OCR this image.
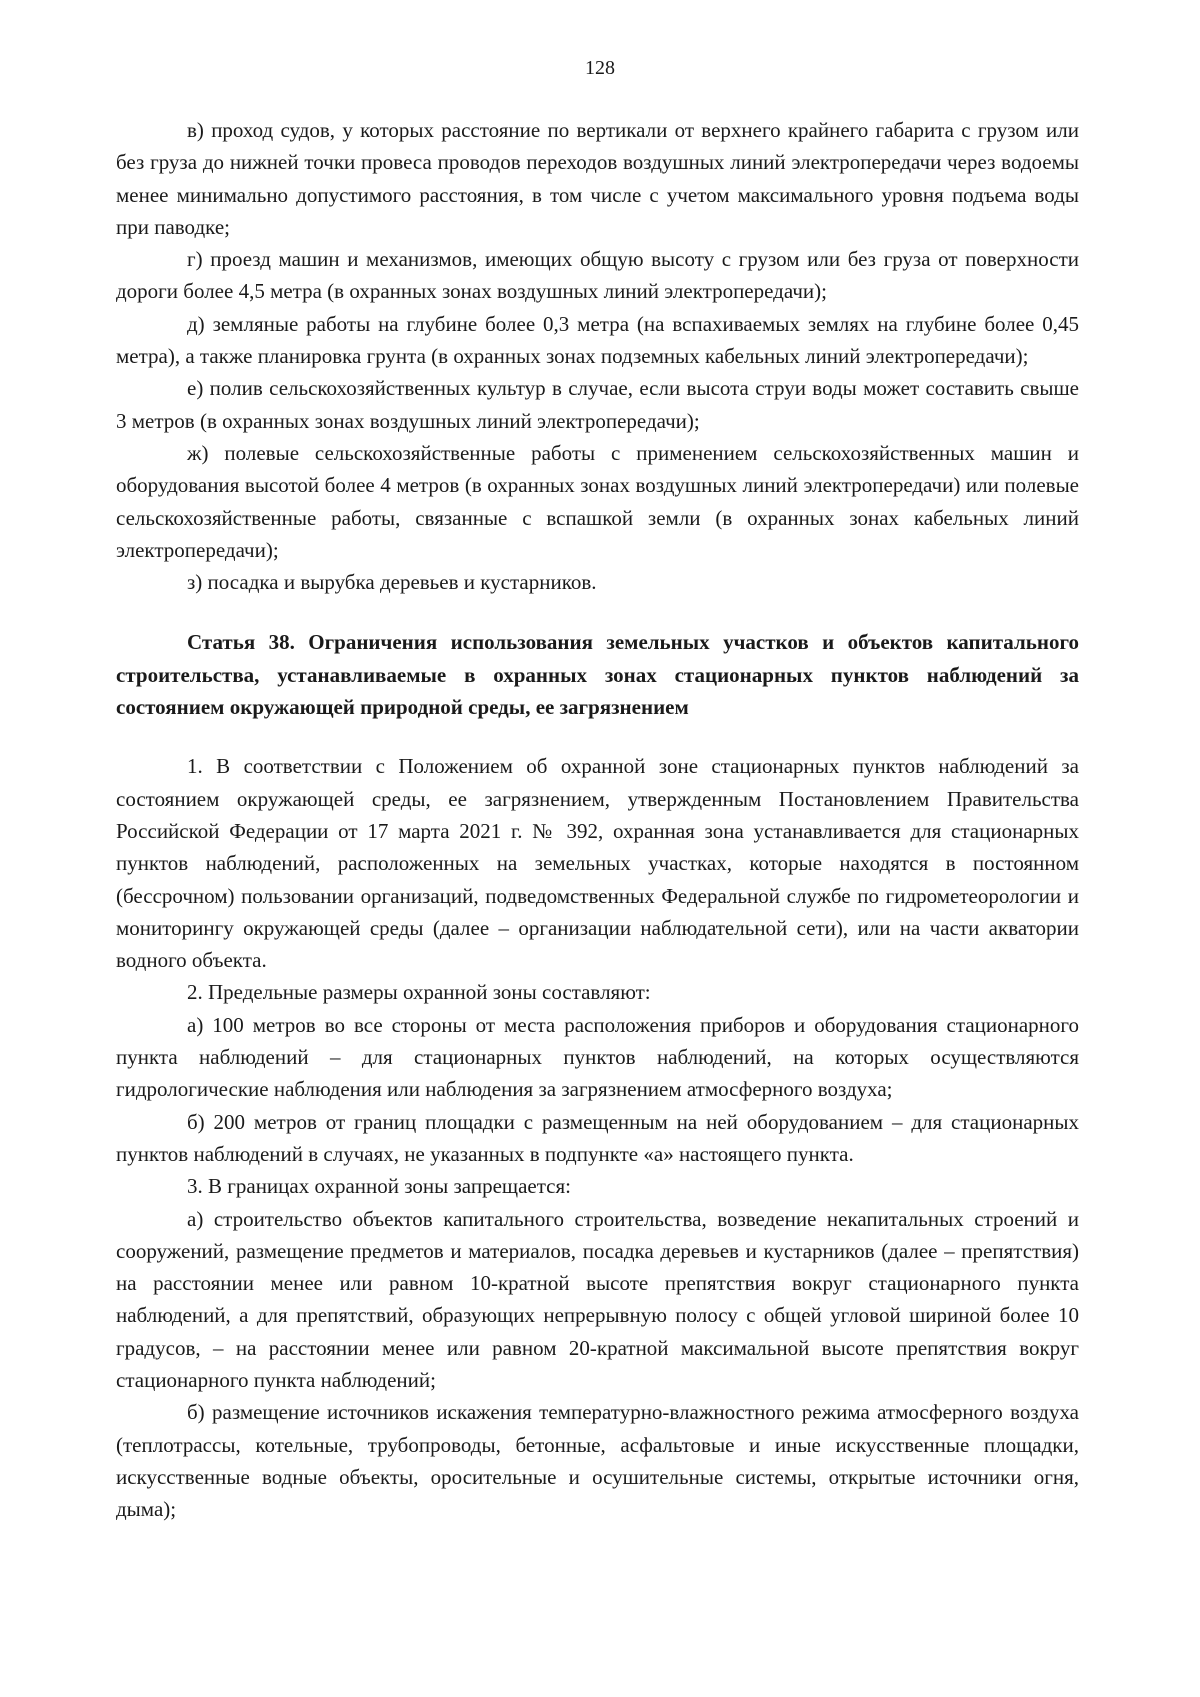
128

в) проход судов, у которых расстояние по вертикали от верхнего крайнего габарита с грузом или без груза до нижней точки провеса проводов переходов воздушных линий электропередачи через водоемы менее минимально допустимого расстояния, в том числе с учетом максимального уровня подъема воды при паводке;

г) проезд машин и механизмов, имеющих общую высоту с грузом или без груза от поверхности дороги более 4,5 метра (в охранных зонах воздушных линий электропередачи);

д) земляные работы на глубине более 0,3 метра (на вспахиваемых землях на глубине более 0,45 метра), а также планировка грунта (в охранных зонах подземных кабельных линий электропередачи);

е) полив сельскохозяйственных культур в случае, если высота струи воды может составить свыше 3 метров (в охранных зонах воздушных линий электропередачи);

ж) полевые сельскохозяйственные работы с применением сельскохозяйственных машин и оборудования высотой более 4 метров (в охранных зонах воздушных линий электропередачи) или полевые сельскохозяйственные работы, связанные с вспашкой земли (в охранных зонах кабельных линий электропередачи);

з) посадка и вырубка деревьев и кустарников.

Статья 38. Ограничения использования земельных участков и объектов капитального строительства, устанавливаемые в охранных зонах стационарных пунктов наблюдений за состоянием окружающей природной среды, ее загрязнением

1. В соответствии с Положением об охранной зоне стационарных пунктов наблюдений за состоянием окружающей среды, ее загрязнением, утвержденным Постановлением Правительства Российской Федерации от 17 марта 2021 г. № 392, охранная зона устанавливается для стационарных пунктов наблюдений, расположенных на земельных участках, которые находятся в постоянном (бессрочном) пользовании организаций, подведомственных Федеральной службе по гидрометеорологии и мониторингу окружающей среды (далее – организации наблюдательной сети), или на части акватории водного объекта.

2. Предельные размеры охранной зоны составляют:

а) 100 метров во все стороны от места расположения приборов и оборудования стационарного пункта наблюдений – для стационарных пунктов наблюдений, на которых осуществляются гидрологические наблюдения или наблюдения за загрязнением атмосферного воздуха;

б) 200 метров от границ площадки с размещенным на ней оборудованием – для стационарных пунктов наблюдений в случаях, не указанных в подпункте «а» настоящего пункта.

3. В границах охранной зоны запрещается:

а) строительство объектов капитального строительства, возведение некапитальных строений и сооружений, размещение предметов и материалов, посадка деревьев и кустарников (далее – препятствия) на расстоянии менее или равном 10-кратной высоте препятствия вокруг стационарного пункта наблюдений, а для препятствий, образующих непрерывную полосу с общей угловой шириной более 10 градусов, – на расстоянии менее или равном 20-кратной максимальной высоте препятствия вокруг стационарного пункта наблюдений;

б) размещение источников искажения температурно-влажностного режима атмосферного воздуха (теплотрассы, котельные, трубопроводы, бетонные, асфальтовые и иные искусственные площадки, искусственные водные объекты, оросительные и осушительные системы, открытые источники огня, дыма);
